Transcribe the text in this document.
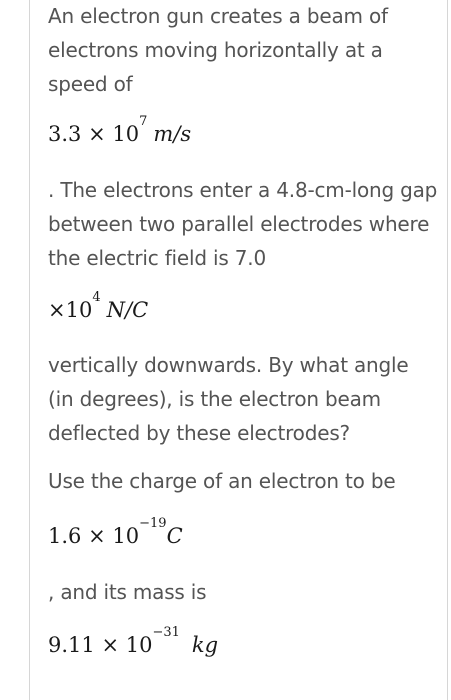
An electron gun creates a beam of electrons moving horizontally at a speed of
$3.3 \times 10^7m/s$
. The electrons enter a 4.8-cm-long gap between two parallel electrodes where the electric field is 7.0
$\times 10^4N/C$
vertically downwards. By what angle (in degrees), is the electron beam deflected by these electrodes?
Use the charge of an electron to be
$1.6 \times 10^{-19}C$
, and its mass is
$9.11 \times 10^{-31}kg$
